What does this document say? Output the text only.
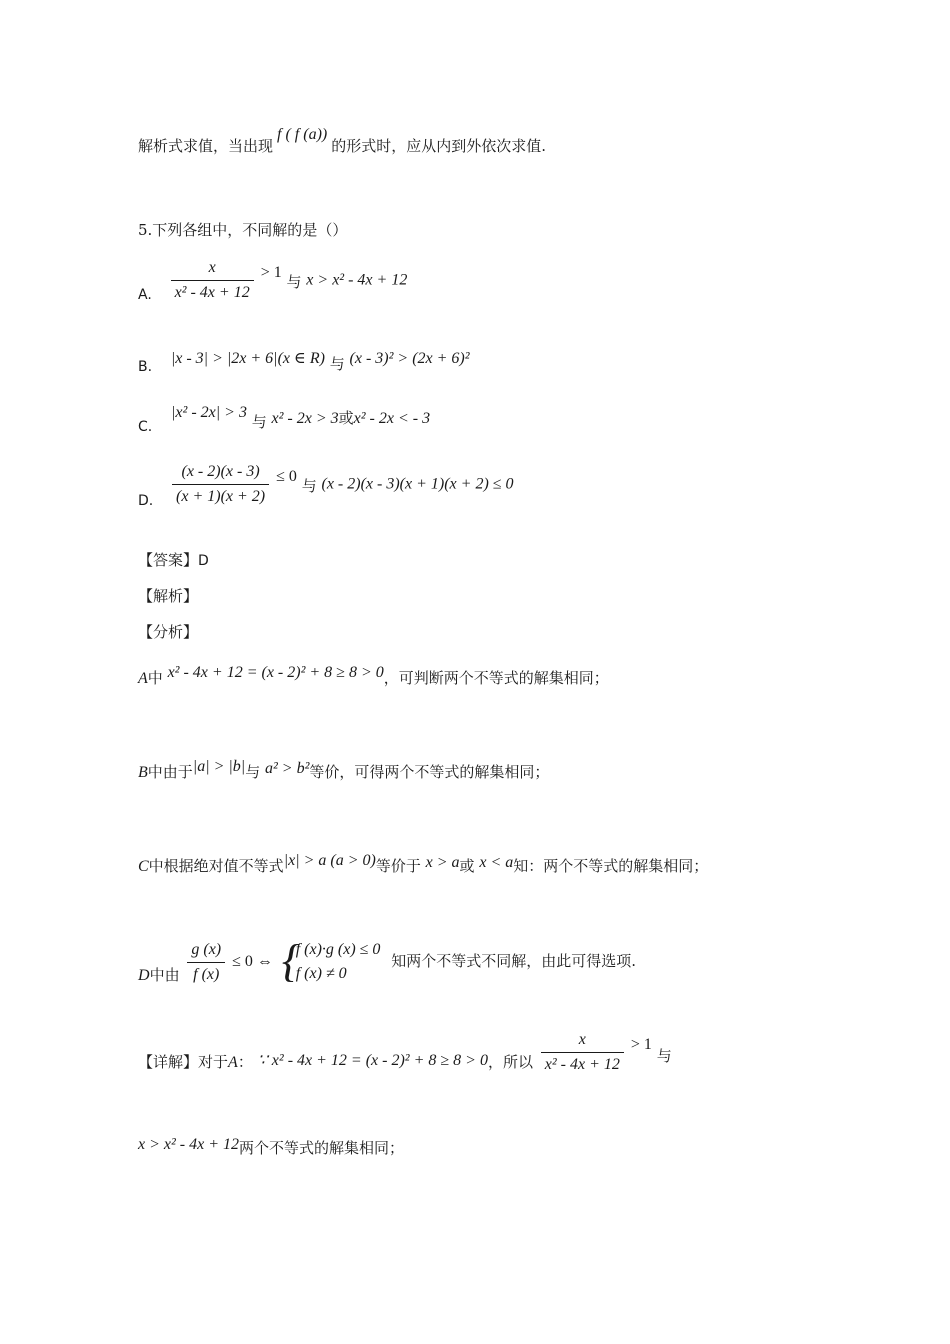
解析式求值，当出现f ( f (a))的形式时，应从内到外依次求值.
5.下列各组中，不同解的是（）
A. $\frac{x}{\text{x² - 4x + 12}} > 1$ 与 x > x² - 4x + 12
B. |x - 3| > |2x + 6|(x ∈ R) 与 (x - 3)² > (2x + 6)²
C. |x² - 2x| > 3 与 x² - 2x > 3或x² - 2x < - 3
D. $\frac{(x - 2)(x - 3)}{(x + 1)(x + 2)} \le 0$ 与 (x - 2)(x - 3)(x + 1)(x + 2) ≤ 0
【答案】D
【解析】
【分析】
A中 x² - 4x + 12 = (x - 2)² + 8 ≥ 8 > 0，可判断两个不等式的解集相同；
B中由于|a| > |b|与 a² > b²等价，可得两个不等式的解集相同；
C中根据绝对值不等式|x| > a (a > 0)等价于 x > a或 x < a知：两个不等式的解集相同；
D中由 $\frac{g (x)}{f (x)} \le 0$ ⇔ {
f (x)·g (x) ≤ 0
f (x) ≠ 0
知两个不等式不同解，由此可得选项.
【详解】对于A： ∵ x² - 4x + 12 = (x - 2)² + 8 ≥ 8 > 0，所以 $\frac{x}{\text{x² - 4x + 12}} > 1$ 与
x > x² - 4x + 12两个不等式的解集相同；
